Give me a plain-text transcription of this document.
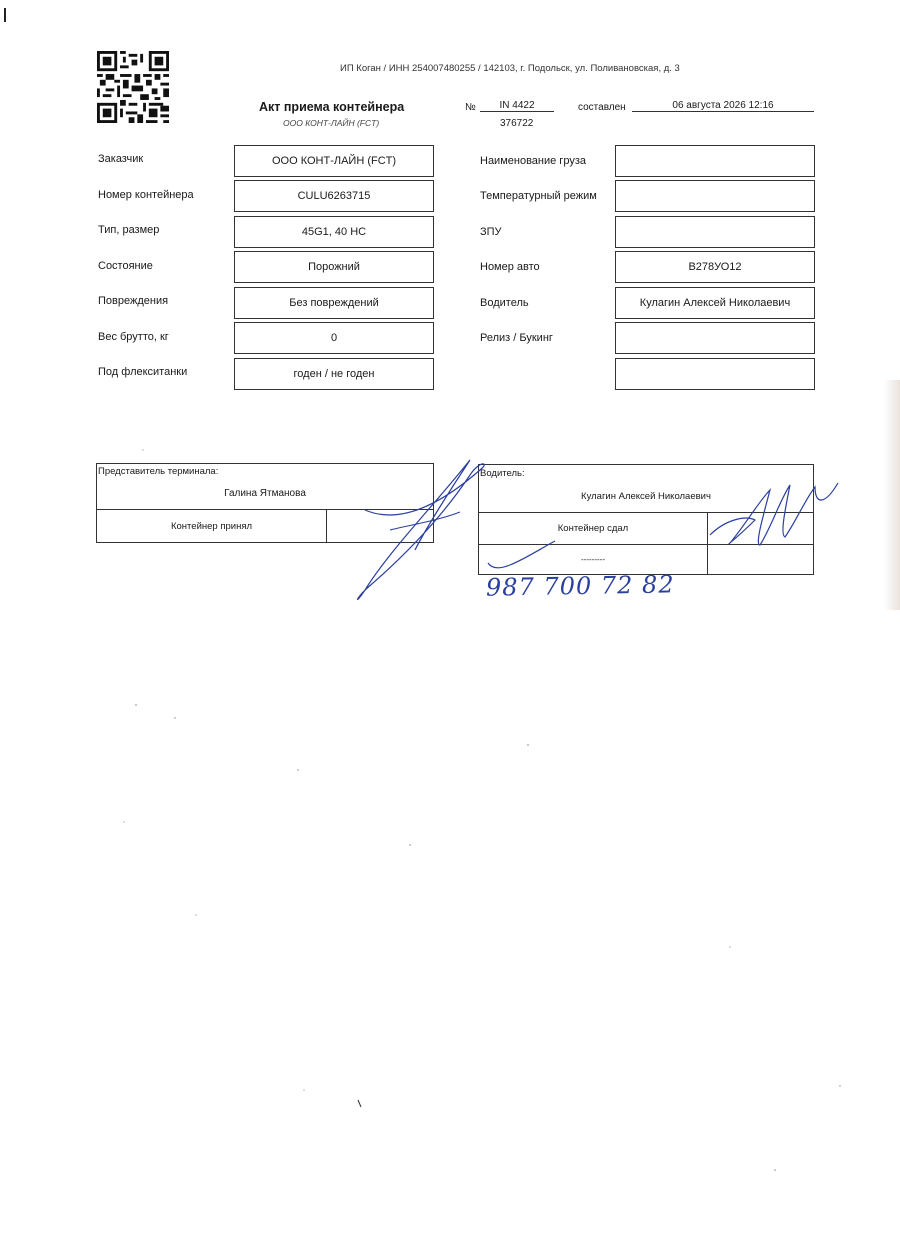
ИП Коган / ИНН 254007480255 / 142103, г. Подольск, ул. Поливановская, д. 3
Акт приема контейнера
ООО КОНТ-ЛАЙН (FCT)
№	IN 4422
376722
составлен	06 августа 2026 12:16
Заказчик	ООО КОНТ-ЛАЙН (FCT)
Номер контейнера	CULU6263715
Тип, размер	45G1, 40 HC
Состояние	Порожний
Повреждения	Без повреждений
Вес брутто, кг	0
Под флекситанки	годен / не годен
Наименование груза
Температурный режим
ЗПУ
Номер авто	В278УО12
Водитель	Кулагин Алексей Николаевич
Релиз / Букинг
Представитель терминала:
Галина Ятманова
Контейнер принял
Водитель:
Кулагин Алексей Николаевич
Контейнер сдал
---------
987 700 72 82
